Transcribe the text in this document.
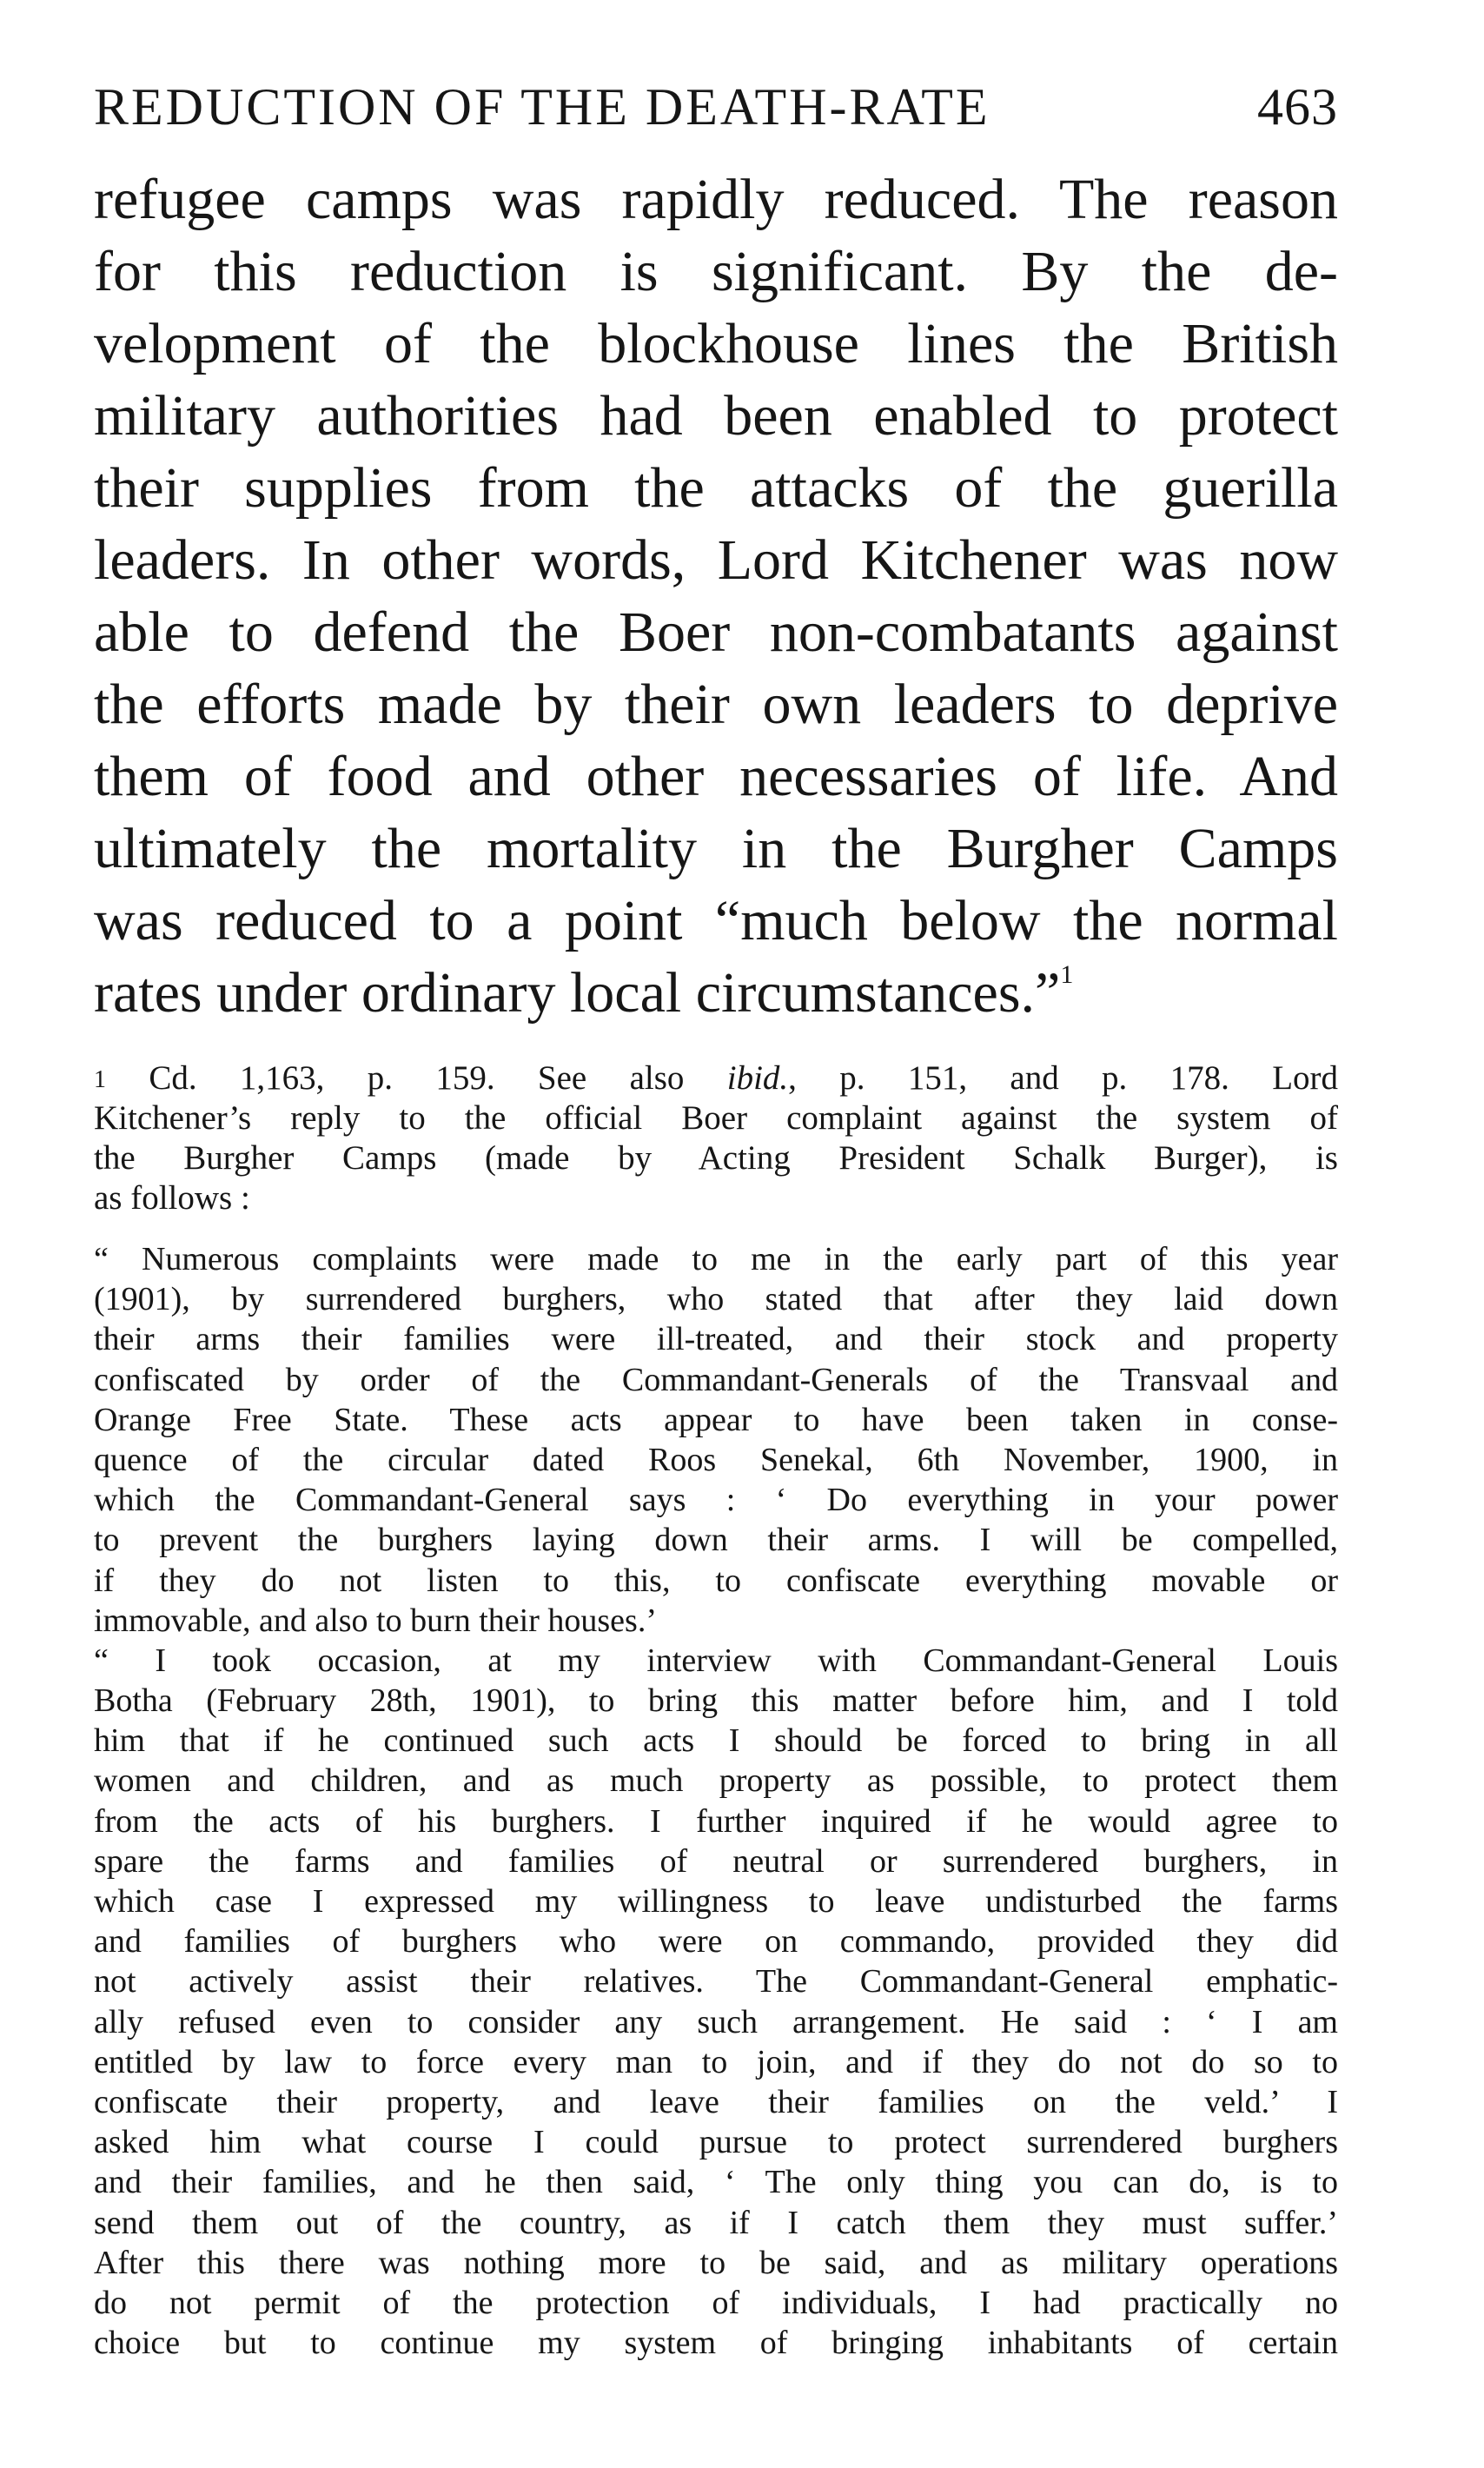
REDUCTION OF THE DEATH-RATE	463
refugee camps was rapidly reduced. The reason
for this reduction is significant. By the de-
velopment of the blockhouse lines the British
military authorities had been enabled to protect
their supplies from the attacks of the guerilla
leaders. In other words, Lord Kitchener was now
able to defend the Boer non-combatants against
the efforts made by their own leaders to deprive
them of food and other necessaries of life. And
ultimately the mortality in the Burgher Camps
was reduced to a point “much below the normal
rates under ordinary local circumstances.”$^1$
$^1$ Cd. 1,163, p. 159. See also ibid., p. 151, and p. 178. Lord
Kitchener’s reply to the official Boer complaint against the system of
the Burgher Camps (made by Acting President Schalk Burger), is
as follows :
“ Numerous complaints were made to me in the early part of this year
(1901), by surrendered burghers, who stated that after they laid down
their arms their families were ill-treated, and their stock and property
confiscated by order of the Commandant-Generals of the Transvaal and
Orange Free State. These acts appear to have been taken in conse-
quence of the circular dated Roos Senekal, 6th November, 1900, in
which the Commandant-General says : ‘ Do everything in your power
to prevent the burghers laying down their arms. I will be compelled,
if they do not listen to this, to confiscate everything movable or
immovable, and also to burn their houses.’
“ I took occasion, at my interview with Commandant-General Louis
Botha (February 28th, 1901), to bring this matter before him, and I told
him that if he continued such acts I should be forced to bring in all
women and children, and as much property as possible, to protect them
from the acts of his burghers. I further inquired if he would agree to
spare the farms and families of neutral or surrendered burghers, in
which case I expressed my willingness to leave undisturbed the farms
and families of burghers who were on commando, provided they did
not actively assist their relatives. The Commandant-General emphatic-
ally refused even to consider any such arrangement. He said : ‘ I am
entitled by law to force every man to join, and if they do not do so to
confiscate their property, and leave their families on the veld.’ I
asked him what course I could pursue to protect surrendered burghers
and their families, and he then said, ‘ The only thing you can do, is to
send them out of the country, as if I catch them they must suffer.’
After this there was nothing more to be said, and as military operations
do not permit of the protection of individuals, I had practically no
choice but to continue my system of bringing inhabitants of certain
